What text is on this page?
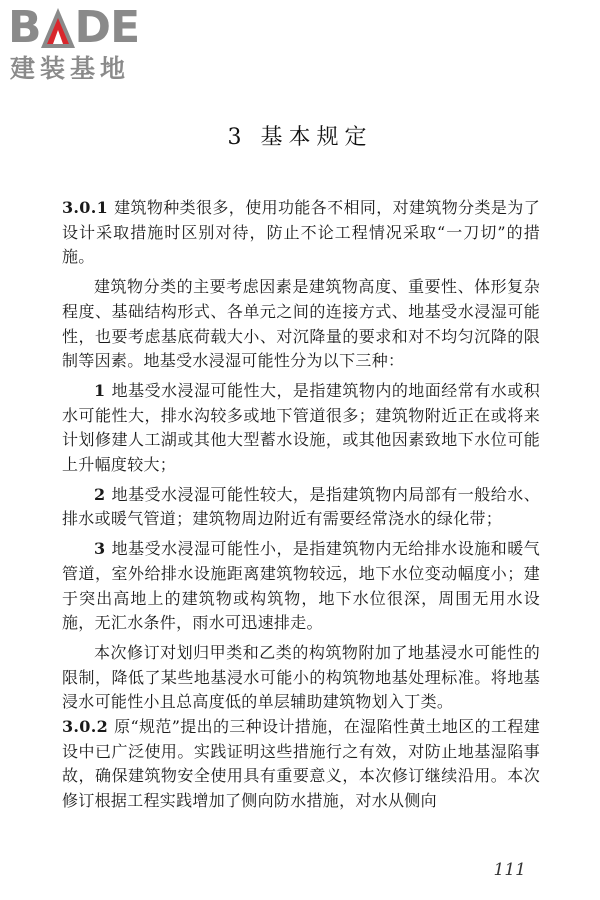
B DE
建装基地
3 基本规定

3.0.1 建筑物种类很多，使用功能各不相同，对建筑物分类是为了设计采取措施时区别对待，防止不论工程情况采取“一刀切”的措施。

建筑物分类的主要考虑因素是建筑物高度、重要性、体形复杂程度、基础结构形式、各单元之间的连接方式、地基受水浸湿可能性，也要考虑基底荷载大小、对沉降量的要求和对不均匀沉降的限制等因素。地基受水浸湿可能性分为以下三种：

1 地基受水浸湿可能性大，是指建筑物内的地面经常有水或积水可能性大，排水沟较多或地下管道很多；建筑物附近正在或将来计划修建人工湖或其他大型蓄水设施，或其他因素致地下水位可能上升幅度较大；

2 地基受水浸湿可能性较大，是指建筑物内局部有一般给水、排水或暖气管道；建筑物周边附近有需要经常浇水的绿化带；

3 地基受水浸湿可能性小，是指建筑物内无给排水设施和暖气管道，室外给排水设施距离建筑物较远，地下水位变动幅度小；建于突出高地上的建筑物或构筑物，地下水位很深，周围无用水设施，无汇水条件，雨水可迅速排走。

本次修订对划归甲类和乙类的构筑物附加了地基浸水可能性的限制，降低了某些地基浸水可能小的构筑物地基处理标准。将地基浸水可能性小且总高度低的单层辅助建筑物划入丁类。

3.0.2 原“规范”提出的三种设计措施，在湿陷性黄土地区的工程建设中已广泛使用。实践证明这些措施行之有效，对防止地基湿陷事故，确保建筑物安全使用具有重要意义，本次修订继续沿用。本次修订根据工程实践增加了侧向防水措施，对水从侧向

111
